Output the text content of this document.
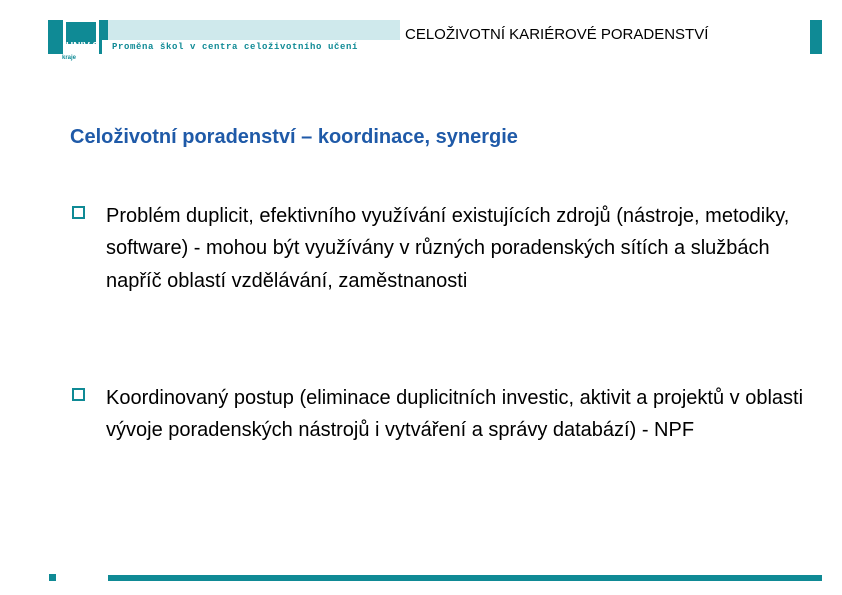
UNIV 2
kraje
Proměna škol v centra celoživotního učení
CELOŽIVOTNÍ KARIÉROVÉ PORADENSTVÍ
Celoživotní poradenství – koordinace, synergie
Problém duplicit, efektivního využívání existujících zdrojů (nástroje, metodiky, software) - mohou být využívány v různých poradenských sítích a službách napříč oblastí vzdělávání, zaměstnanosti
Koordinovaný postup (eliminace duplicitních investic, aktivit a projektů v oblasti vývoje poradenských nástrojů i vytváření a správy databází) - NPF
